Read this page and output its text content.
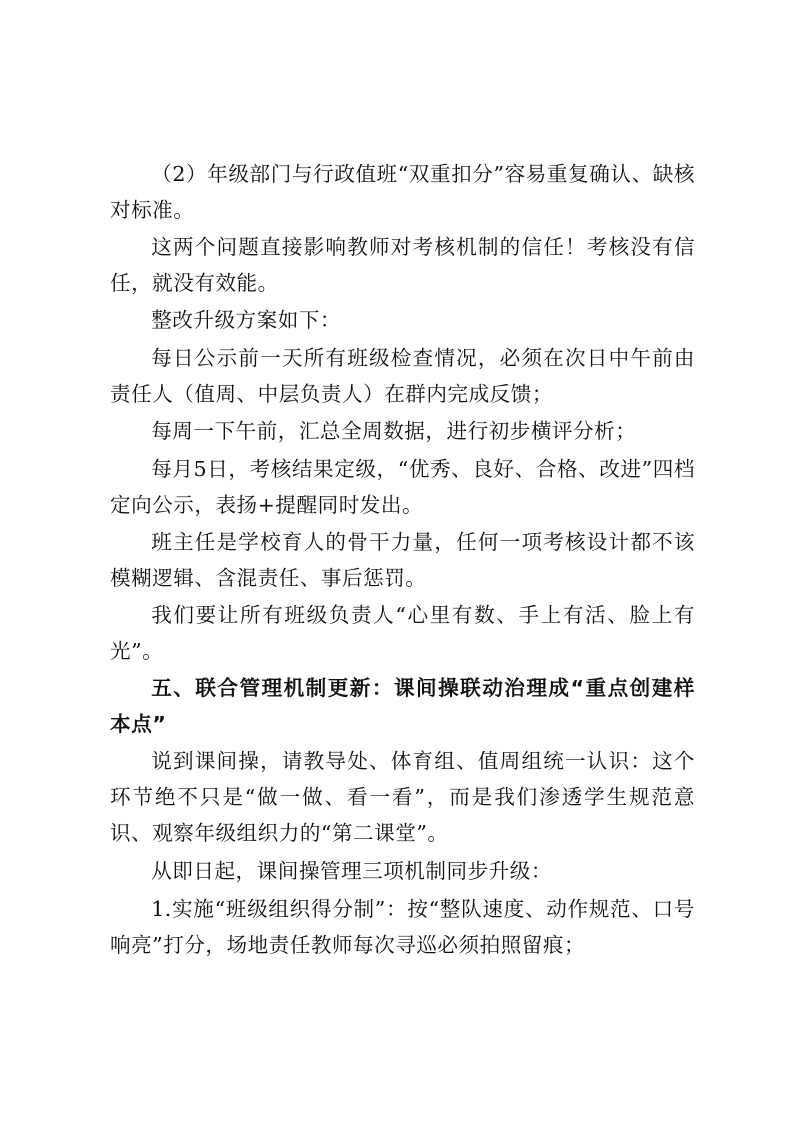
（2）年级部门与行政值班“双重扣分”容易重复确认、缺核对标准。

这两个问题直接影响教师对考核机制的信任！考核没有信任，就没有效能。

整改升级方案如下：

每日公示前一天所有班级检查情况，必须在次日中午前由责任人（值周、中层负责人）在群内完成反馈；

每周一下午前，汇总全周数据，进行初步横评分析；

每月5日，考核结果定级，“优秀、良好、合格、改进”四档定向公示，表扬+提醒同时发出。

班主任是学校育人的骨干力量，任何一项考核设计都不该模糊逻辑、含混责任、事后惩罚。

我们要让所有班级负责人“心里有数、手上有活、脸上有光”。

五、联合管理机制更新：课间操联动治理成“重点创建样本点”

说到课间操，请教导处、体育组、值周组统一认识：这个环节绝不只是“做一做、看一看”，而是我们渗透学生规范意识、观察年级组织力的“第二课堂”。

从即日起，课间操管理三项机制同步升级：

1.实施“班级组织得分制”：按“整队速度、动作规范、口号响亮”打分，场地责任教师每次寻巡必须拍照留痕；
